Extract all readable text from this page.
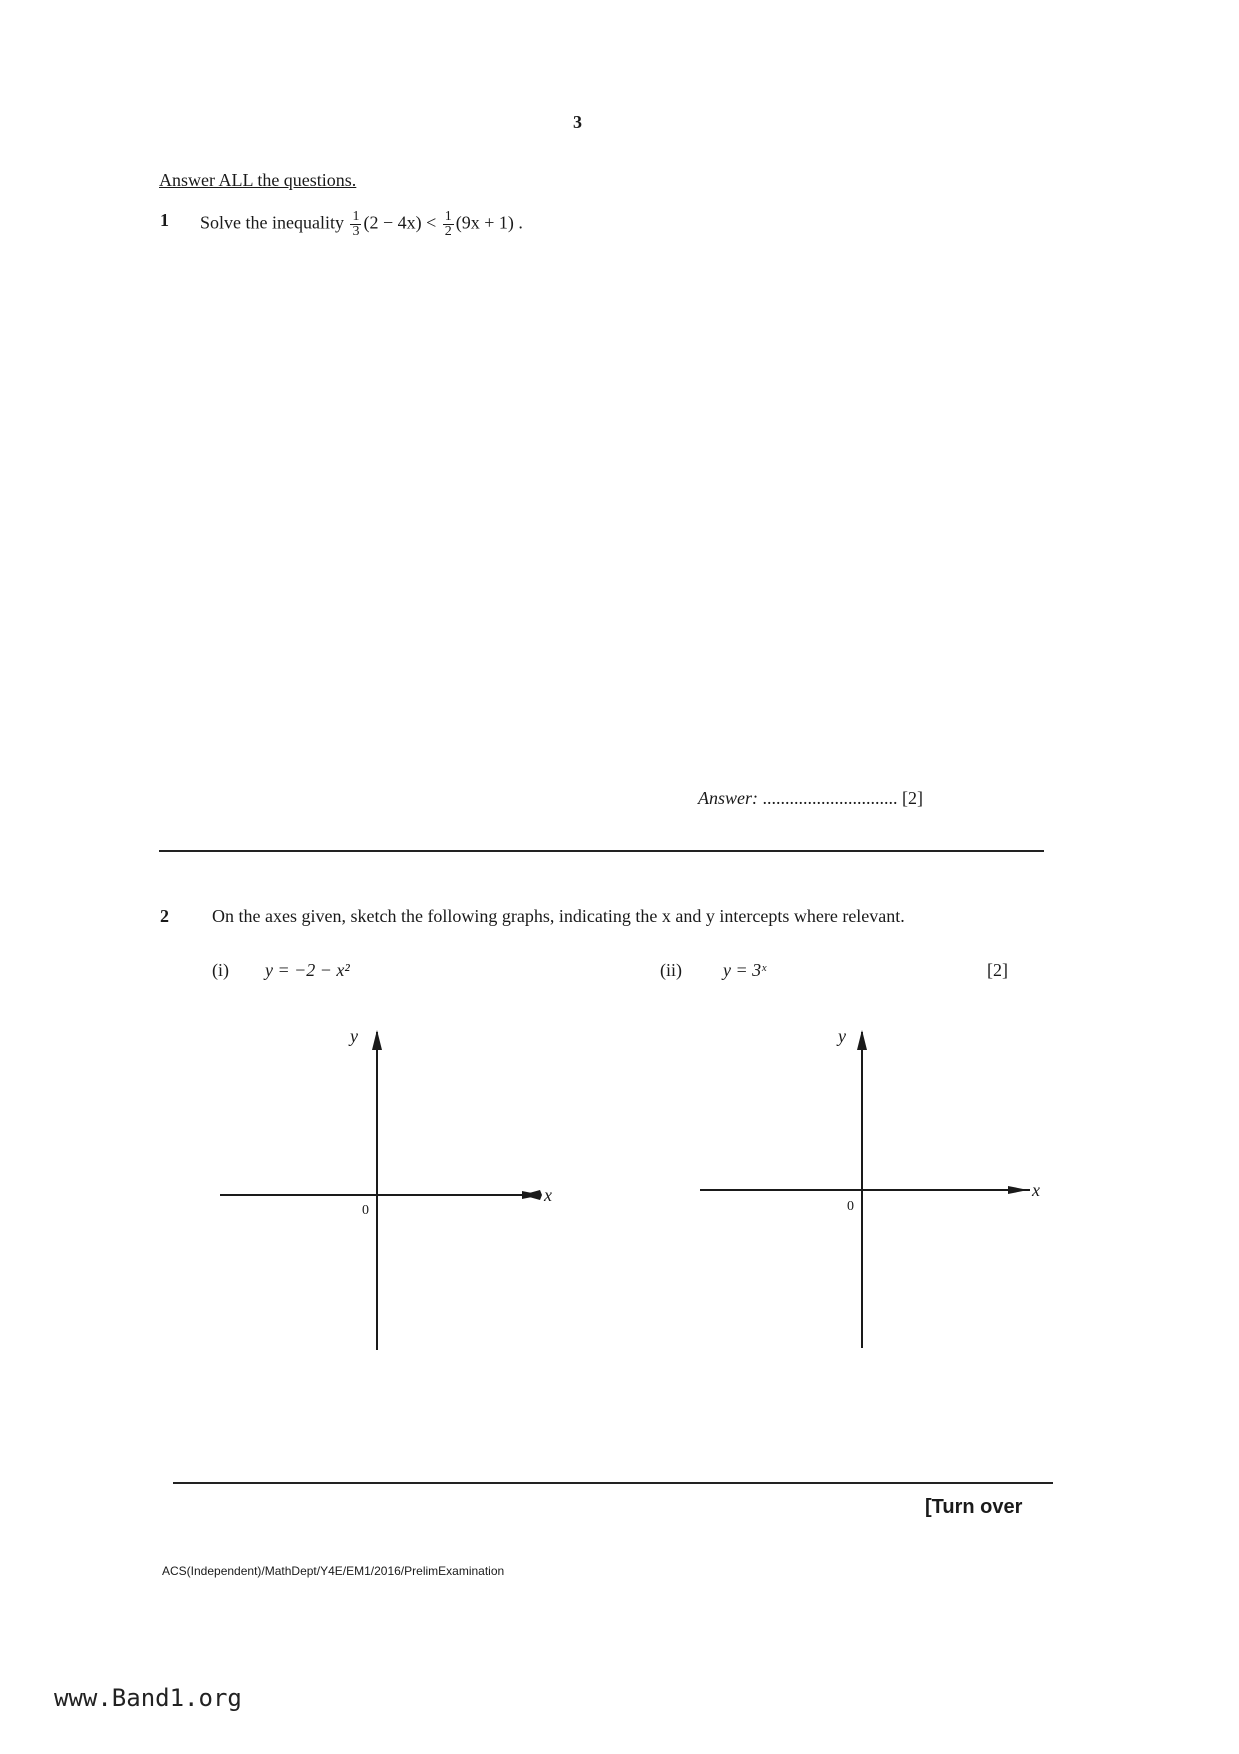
3
Answer ALL the questions.
1 Solve the inequality $\frac{1}{3} (2 - 4x) < \frac{1}{2} (9x + 1)$ .
Answer: .............................. [2]
2 On the axes given, sketch the following graphs, indicating the x and y intercepts where relevant.
(i) y = −2 − x²	(ii) y = 3ˣ	[2]
x
y
0
x
y
0
[Turn over
ACS(Independent)/MathDept/Y4E/EM1/2016/PrelimExamination
www.Band1.org
